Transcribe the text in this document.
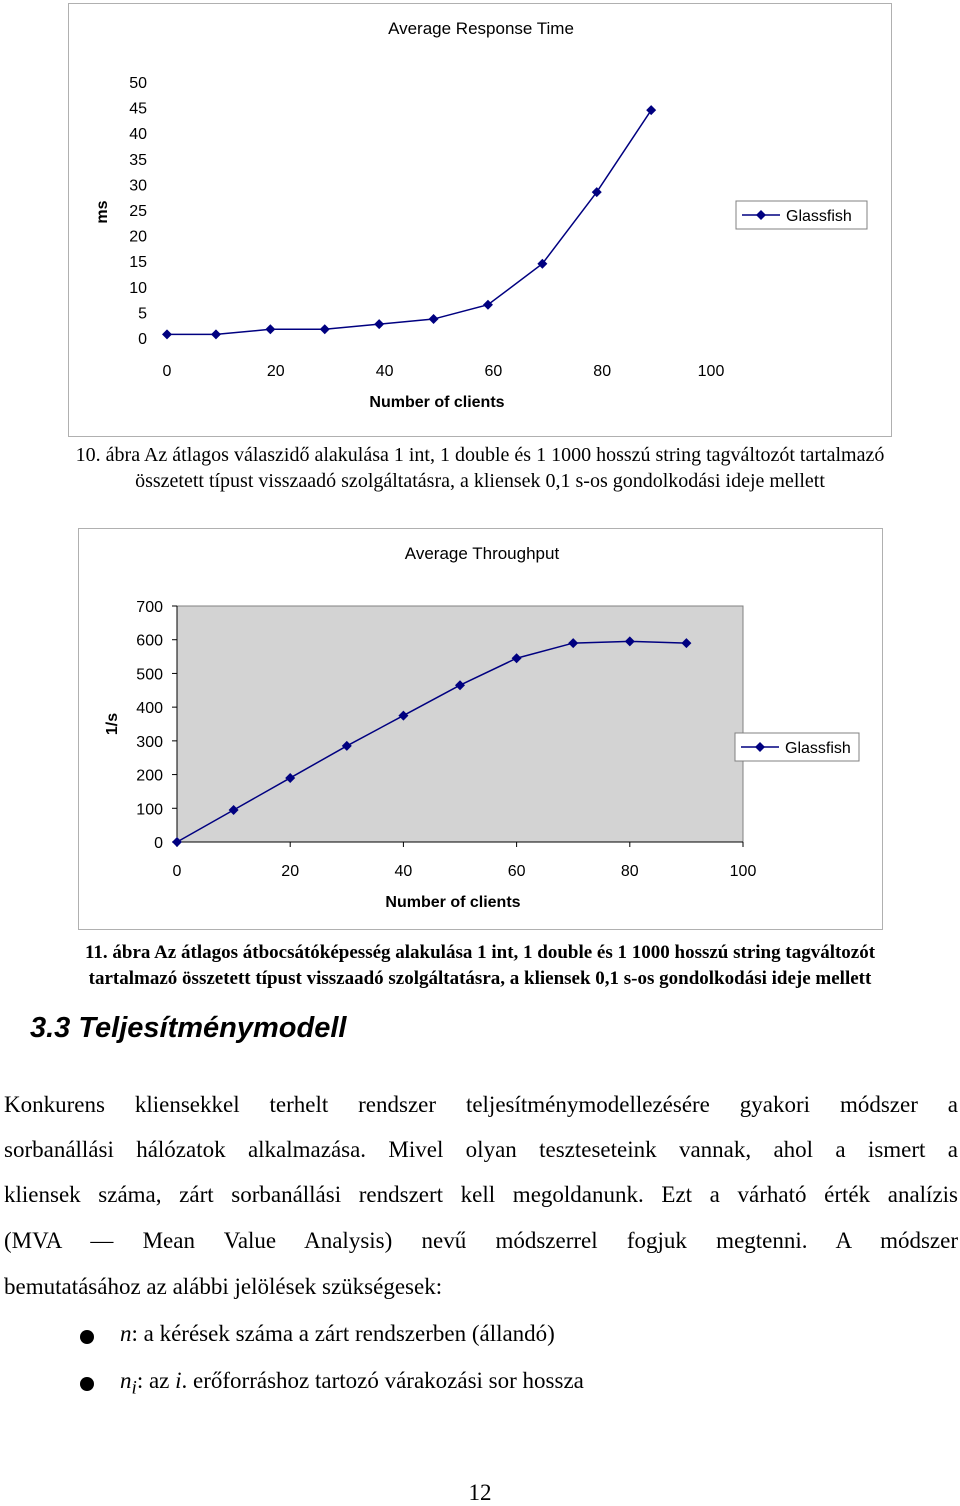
Average Response Time
0
5
10
15
20
25
30
35
40
45
50
0	20	40	60	80	100
Number of clients
ms	Glassfish
10. ábra Az átlagos válaszidő alakulása 1 int, 1 double és 1 1000 hosszú string tagváltozót tartalmazó
összetett típust visszaadó szolgáltatásra, a kliensek 0,1 s-os gondolkodási ideje mellett
Average Throughput
0
100
200
300
400
500
600
700
0	20	40	60	80	100
Number of clients
1/s
Glassfish
11. ábra Az átlagos átbocsátóképesség alakulása 1 int, 1 double és 1 1000 hosszú string tagváltozót
tartalmazó összetett típust visszaadó szolgáltatásra, a kliensek 0,1 s-os gondolkodási ideje mellett
3.3 Teljesítménymodell
Konkurens kliensekkel terhelt rendszer teljesítménymodellezésére gyakori módszer a
sorbanállási hálózatok alkalmazása. Mivel olyan teszteseteink vannak, ahol a ismert a
kliensek száma, zárt sorbanállási rendszert kell megoldanunk. Ezt a várható érték analízis
(MVA — Mean Value Analysis) nevű módszerrel fogjuk megtenni. A módszer
bemutatásához az alábbi jelölések szükségesek:
n: a kérések száma a zárt rendszerben (állandó)
$n_i$: az i. erőforráshoz tartozó várakozási sor hossza
12
